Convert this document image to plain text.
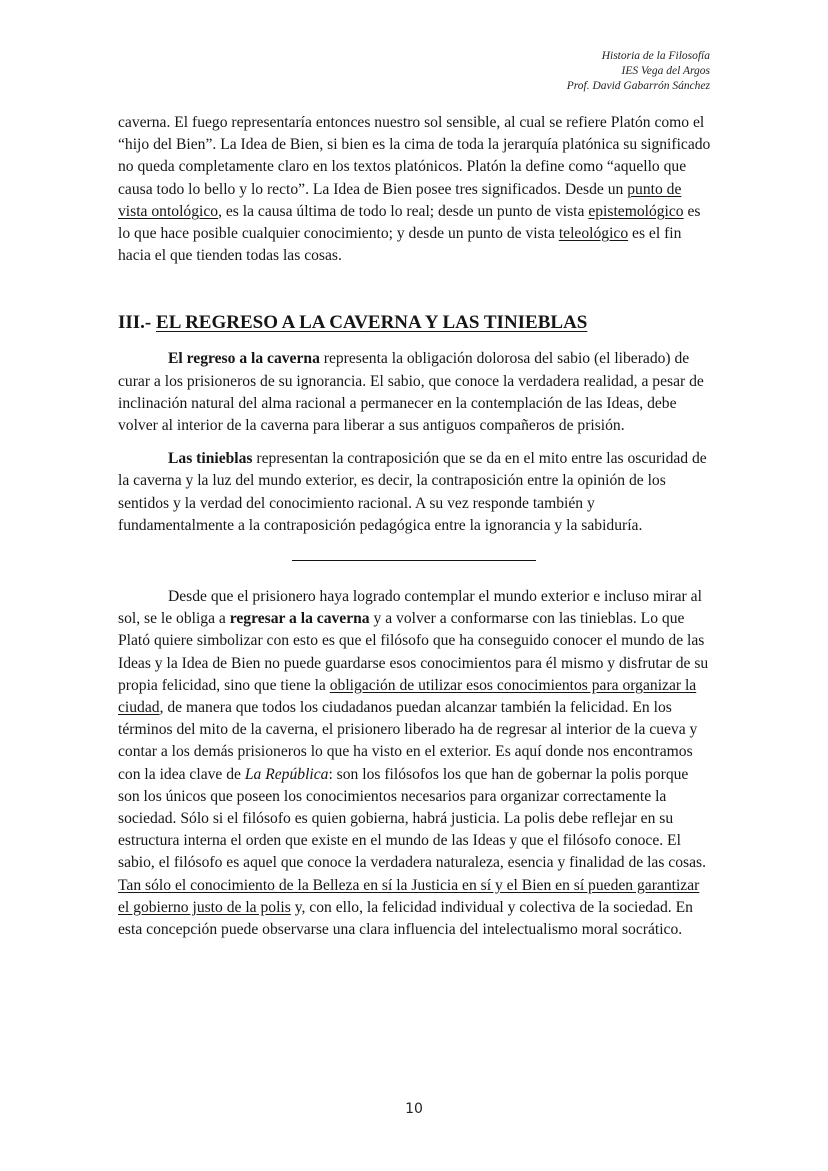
Historia de la Filosofía
IES Vega del Argos
Prof. David Gabarrón Sánchez

caverna. El fuego representaría entonces nuestro sol sensible, al cual se refiere Platón como el “hijo del Bien”. La Idea de Bien, si bien es la cima de toda la jerarquía platónica su significado no queda completamente claro en los textos platónicos. Platón la define como “aquello que causa todo lo bello y lo recto”. La Idea de Bien posee tres significados. Desde un punto de vista ontológico, es la causa última de todo lo real; desde un punto de vista epistemológico es lo que hace posible cualquier conocimiento; y desde un punto de vista teleológico es el fin hacia el que tienden todas las cosas.

III.- EL REGRESO A LA CAVERNA Y LAS TINIEBLAS

El regreso a la caverna representa la obligación dolorosa del sabio (el liberado) de curar a los prisioneros de su ignorancia. El sabio, que conoce la verdadera realidad, a pesar de inclinación natural del alma racional a permanecer en la contemplación de las Ideas, debe volver al interior de la caverna para liberar a sus antiguos compañeros de prisión.

Las tinieblas representan la contraposición que se da en el mito entre las oscuridad de la caverna y la luz del mundo exterior, es decir, la contraposición entre la opinión de los sentidos y la verdad del conocimiento racional. A su vez responde también y fundamentalmente a la contraposición pedagógica entre la ignorancia y la sabiduría.

Desde que el prisionero haya logrado contemplar el mundo exterior e incluso mirar al sol, se le obliga a regresar a la caverna y a volver a conformarse con las tinieblas. Lo que Plató quiere simbolizar con esto es que el filósofo que ha conseguido conocer el mundo de las Ideas y la Idea de Bien no puede guardarse esos conocimientos para él mismo y disfrutar de su propia felicidad, sino que tiene la obligación de utilizar esos conocimientos para organizar la ciudad, de manera que todos los ciudadanos puedan alcanzar también la felicidad. En los términos del mito de la caverna, el prisionero liberado ha de regresar al interior de la cueva y contar a los demás prisioneros lo que ha visto en el exterior. Es aquí donde nos encontramos con la idea clave de La República: son los filósofos los que han de gobernar la polis porque son los únicos que poseen los conocimientos necesarios para organizar correctamente la sociedad. Sólo si el filósofo es quien gobierna, habrá justicia. La polis debe reflejar en su estructura interna el orden que existe en el mundo de las Ideas y que el filósofo conoce. El sabio, el filósofo es aquel que conoce la verdadera naturaleza, esencia y finalidad de las cosas. Tan sólo el conocimiento de la Belleza en sí la Justicia en sí y el Bien en sí pueden garantizar el gobierno justo de la polis y, con ello, la felicidad individual y colectiva de la sociedad. En esta concepción puede observarse una clara influencia del intelectualismo moral socrático.

10
